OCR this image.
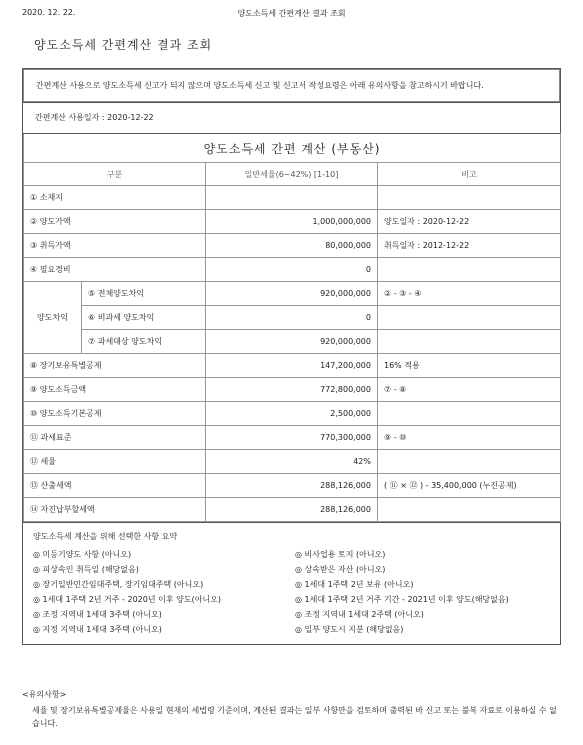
2020. 12. 22.	양도소득세 간편계산 결과 조회
양도소득세 간편계산 결과 조회
간편계산 사용으로 양도소득세 신고가 되지 않으며 양도소득세 신고 및 신고서 작성요령은 아래 유의사항을 참고하시기 바랍니다.
간편계산 사용일자 : 2020-12-22
양도소득세 간편 계산 (부동산)			
구분		일반세율(6~42%) [1-10]	비고
① 소재지			
② 양도가액		1,000,000,000	양도일자 : 2020-12-22
③ 취득가액		80,000,000	취득일자 : 2012-12-22
④ 필요경비		0	
양도차익	⑤ 전체양도차익	920,000,000	② - ③ - ④
	⑥ 비과세 양도차익	0	
	⑦ 과세대상 양도차익	920,000,000	
⑧ 장기보유특별공제		147,200,000	16% 적용
⑨ 양도소득금액		772,800,000	⑦ - ⑧
⑩ 양도소득기본공제		2,500,000	
⑪ 과세표준		770,300,000	⑨ - ⑩
⑫ 세율		42%	
⑬ 산출세액		288,126,000	( ⑪ × ⑫ ) - 35,400,000 (누진공제)
⑭ 자진납부할세액		288,126,000	
양도소득세 계산을 위해 선택한 사항 요약
◎ 미등기양도 사항 (아니오)	◎ 비사업용 토지 (아니오)
◎ 피상속인 취득일 (해당없음)	◎ 상속받은 자산 (아니오)
◎ 장기일반민간임대주택, 장기임대주택 (아니오)	◎ 1세대 1주택 2년 보유 (아니오)
◎ 1세대 1주택 2년 거주 - 2020년 이후 양도(아니오)	◎ 1세대 1주택 2년 거주 기간 - 2021년 이후 양도(해당없음)
◎ 조정 지역내 1세대 3주택 (아니오)	◎ 조정 지역내 1세대 2주택 (아니오)
◎ 지정 지역내 1세대 3주택 (아니오)	◎ 일부 양도시 지분 (해당없음)
<유의사항>
세율 및 장기보유특별공제율은 사용일 현재의 세법령 기준이며, 계산된 결과는 일부 사항만을 검토하며 출력된 바 신고 또는 불복 자료로 이용하실 수 없습니다.
